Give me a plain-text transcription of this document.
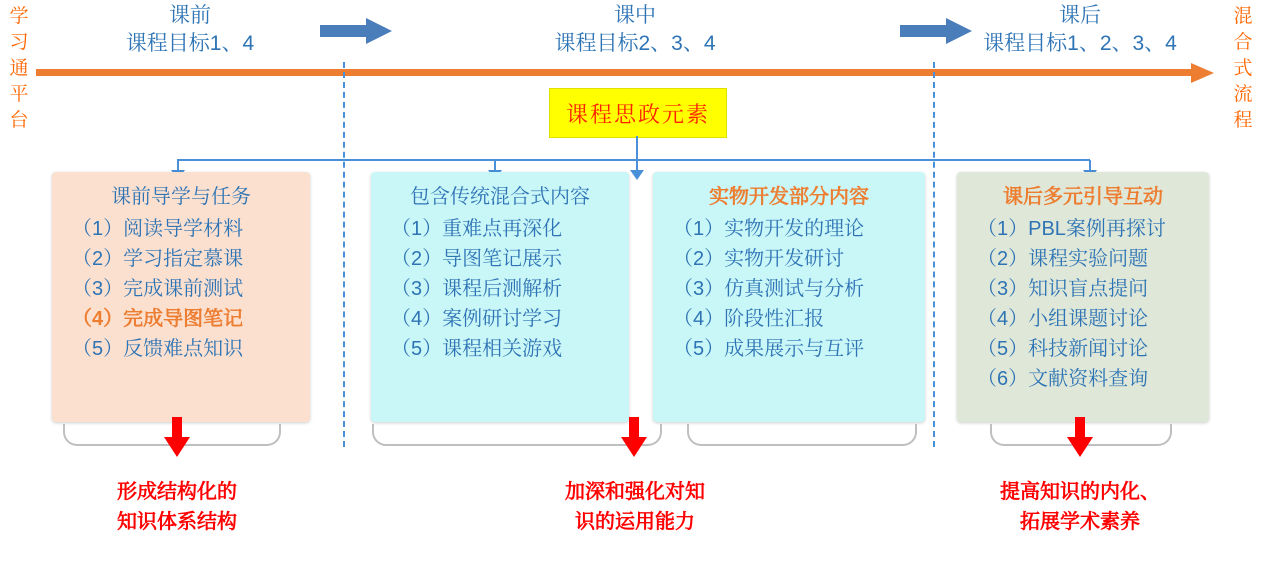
学习通平台
混合式流程
课前
课程目标1、4
课中
课程目标2、3、4
课后
课程目标1、2、3、4
课程思政元素
课前导学与任务
（1）阅读导学材料
（2）学习指定慕课
（3）完成课前测试
（4）完成导图笔记
（5）反馈难点知识
包含传统混合式内容
（1）重难点再深化
（2）导图笔记展示
（3）课程后测解析
（4）案例研讨学习
（5）课程相关游戏
实物开发部分内容
（1）实物开发的理论
（2）实物开发研讨
（3）仿真测试与分析
（4）阶段性汇报
（5）成果展示与互评
课后多元引导互动
（1）PBL案例再探讨
（2）课程实验问题
（3）知识盲点提问
（4）小组课题讨论
（5）科技新闻讨论
（6）文献资料查询
形成结构化的
知识体系结构
加深和强化对知
识的运用能力
提高知识的内化、
拓展学术素养
